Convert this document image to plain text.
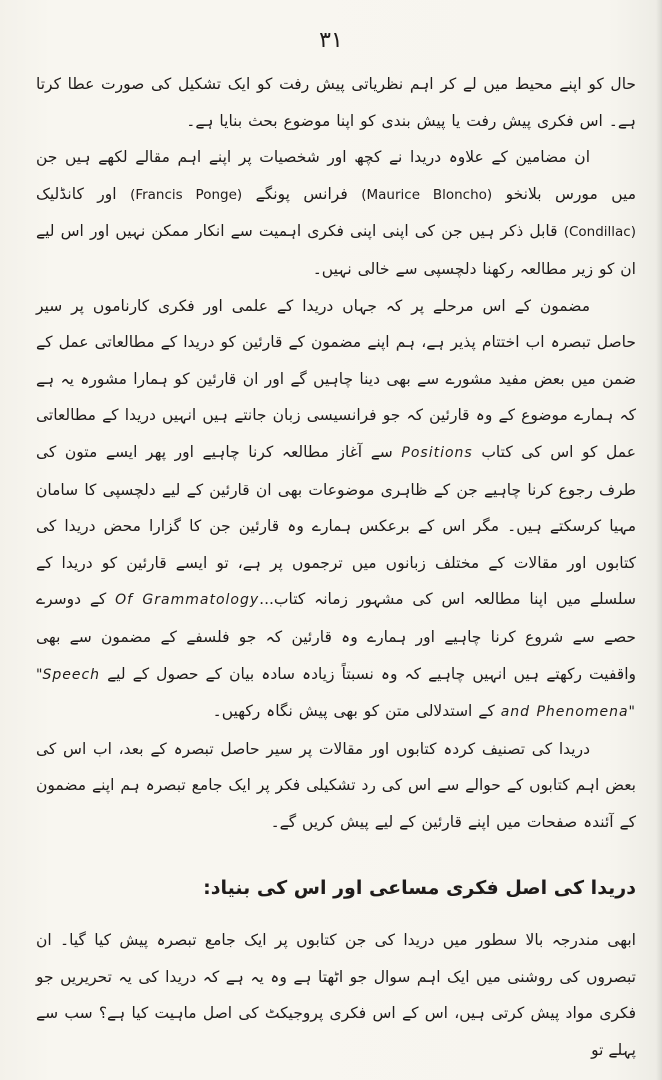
۳۱

حال کو اپنے محیط میں لے کر اہم نظریاتی پیش رفت کو ایک تشکیل کی صورت عطا کرتا ہے۔ اس فکری پیش رفت یا پیش بندی کو اپنا موضوع بحث بنایا ہے۔

ان مضامین کے علاوہ دریدا نے کچھ اور شخصیات پر اپنے اہم مقالے لکھے ہیں جن میں مورس بلانخو (Maurice Bloncho) فرانس پونگے (Francis Ponge) اور کانڈلیک (Condillac) قابل ذکر ہیں جن کی اپنی اپنی فکری اہمیت سے انکار ممکن نہیں اور اس لیے ان کو زیر مطالعہ رکھنا دلچسپی سے خالی نہیں۔

مضمون کے اس مرحلے پر کہ جہاں دریدا کے علمی اور فکری کارناموں پر سیر حاصل تبصرہ اب اختتام پذیر ہے، ہم اپنے مضمون کے قارئین کو دریدا کے مطالعاتی عمل کے ضمن میں بعض مفید مشورے سے بھی دینا چاہیں گے اور ان قارئین کو ہمارا مشورہ یہ ہے کہ ہمارے موضوع کے وہ قارئین کہ جو فرانسیسی زبان جانتے ہیں انہیں دریدا کے مطالعاتی عمل کو اس کی کتاب Positions سے آغاز مطالعہ کرنا چاہیے اور پھر ایسے متون کی طرف رجوع کرنا چاہیے جن کے ظاہری موضوعات بھی ان قارئین کے لیے دلچسپی کا سامان مہیا کرسکتے ہیں۔ مگر اس کے برعکس ہمارے وہ قارئین جن کا گزارا محض دریدا کی کتابوں اور مقالات کے مختلف زبانوں میں ترجموں پر ہے، تو ایسے قارئین کو دریدا کے سلسلے میں اپنا مطالعہ اس کی مشہور زمانہ کتاب...Of Grammatology کے دوسرے حصے سے شروع کرنا چاہیے اور ہمارے وہ قارئین کہ جو فلسفے کے مضمون سے بھی واقفیت رکھتے ہیں انہیں چاہیے کہ وہ نسبتاً زیادہ سادہ بیان کے حصول کے لیے "Speech and Phenomena" کے استدلالی متن کو بھی پیش نگاہ رکھیں۔

دریدا کی تصنیف کردہ کتابوں اور مقالات پر سیر حاصل تبصرہ کے بعد، اب اس کی بعض اہم کتابوں کے حوالے سے اس کی رد تشکیلی فکر پر ایک جامع تبصرہ ہم اپنے مضمون کے آئندہ صفحات میں اپنے قارئین کے لیے پیش کریں گے۔

دریدا کی اصل فکری مساعی اور اس کی بنیاد:
ابھی مندرجہ بالا سطور میں دریدا کی جن کتابوں پر ایک جامع تبصرہ پیش کیا گیا۔ ان تبصروں کی روشنی میں ایک اہم سوال جو اٹھتا ہے وہ یہ ہے کہ دریدا کی یہ تحریریں جو فکری مواد پیش کرتی ہیں، اس کے اس فکری پروجیکٹ کی اصل ماہیت کیا ہے؟ سب سے پہلے تو
